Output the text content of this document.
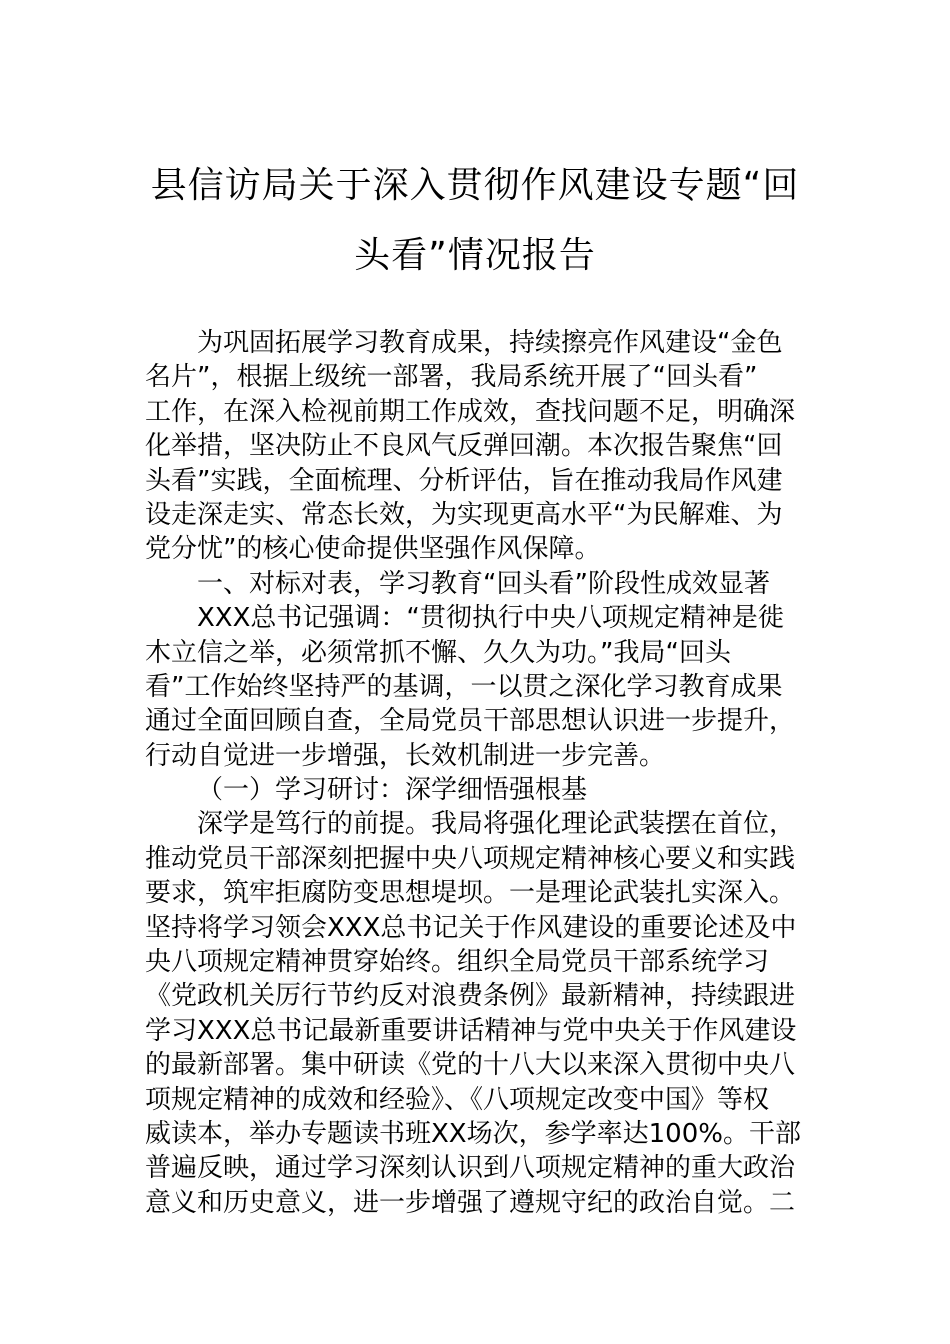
县信访局关于深入贯彻作风建设专题“回
头看”情况报告
为巩固拓展学习教育成果，持续擦亮作风建设“金色
名片”，根据上级统一部署，我局系统开展了“回头看”
工作，在深入检视前期工作成效，查找问题不足，明确深
化举措，坚决防止不良风气反弹回潮。本次报告聚焦“回
头看”实践，全面梳理、分析评估，旨在推动我局作风建
设走深走实、常态长效，为实现更高水平“为民解难、为
党分忧”的核心使命提供坚强作风保障。
一、对标对表，学习教育“回头看”阶段性成效显著
XXX总书记强调：“贯彻执行中央八项规定精神是徙
木立信之举，必须常抓不懈、久久为功。”我局“回头
看”工作始终坚持严的基调，一以贯之深化学习教育成果
通过全面回顾自查，全局党员干部思想认识进一步提升，
行动自觉进一步增强，长效机制进一步完善。
（一）学习研讨：深学细悟强根基
深学是笃行的前提。我局将强化理论武装摆在首位，
推动党员干部深刻把握中央八项规定精神核心要义和实践
要求，筑牢拒腐防变思想堤坝。一是理论武装扎实深入。
坚持将学习领会XXX总书记关于作风建设的重要论述及中
央八项规定精神贯穿始终。组织全局党员干部系统学习
《党政机关厉行节约反对浪费条例》最新精神，持续跟进
学习XXX总书记最新重要讲话精神与党中央关于作风建设
的最新部署。集中研读《党的十八大以来深入贯彻中央八
项规定精神的成效和经验》、《八项规定改变中国》等权
威读本，举办专题读书班XX场次，参学率达100%。干部
普遍反映，通过学习深刻认识到八项规定精神的重大政治
意义和历史意义，进一步增强了遵规守纪的政治自觉。二
